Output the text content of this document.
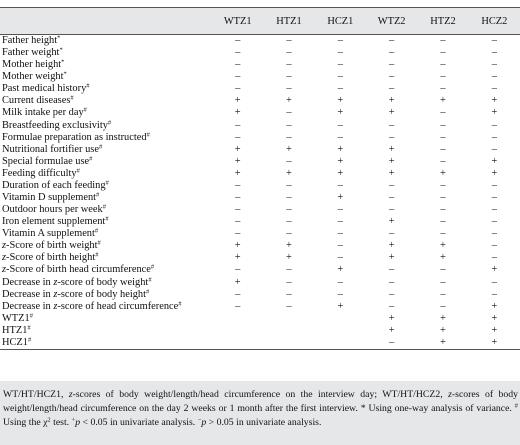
	WTZ1	HTZ1	HCZ1	WTZ2	HTZ2	HCZ2
Father height*	–	–	–	–	–	–
Father weight*	–	–	–	–	–	–
Mother height*	–	–	–	–	–	–
Mother weight*	–	–	–	–	–	–
Past medical history#	–	–	–	–	–	–
Current diseases#	+	+	+	+	+	+
Milk intake per day#	+	–	+	+	–	+
Breastfeeding exclusivity#	–	–	–	–	–	–
Formulae preparation as instructed#	–	–	–	–	–	–
Nutritional fortifier use#	+	+	+	+	–	–
Special formulae use#	+	–	+	+	–	+
Feeding difficulty#	+	+	+	+	+	+
Duration of each feeding#	–	–	–	–	–	–
Vitamin D supplement#	–	–	+	–	–	–
Outdoor hours per week#	–	–	–	–	–	–
Iron element supplement#	–	–	–	+	–	–
Vitamin A supplement#	–	–	–	–	–	–
z-Score of birth weight#	+	+	–	+	+	–
z-Score of birth height#	+	+	–	+	+	–
z-Score of birth head circumference#	–	–	+	–	–	+
Decrease in z-score of body weight#	+	–	–	–	–	–
Decrease in z-score of body height#	–	–	–	–	–	–
Decrease in z-score of head circumference#	–	–	+	–	–	+
WTZ1#				+	+	+
HTZ1#				+	+	+
HCZ1#				–	+	+
WT/HT/HCZ1, z-scores of body weight/length/head circumference on the interview day; WT/HT/HCZ2, z-scores of body weight/length/head circumference on the day 2 weeks or 1 month after the first interview. * Using one-way analysis of variance. # Using the $\chi^2$ test. +p < 0.05 in univariate analysis. −p > 0.05 in univariate analysis.
